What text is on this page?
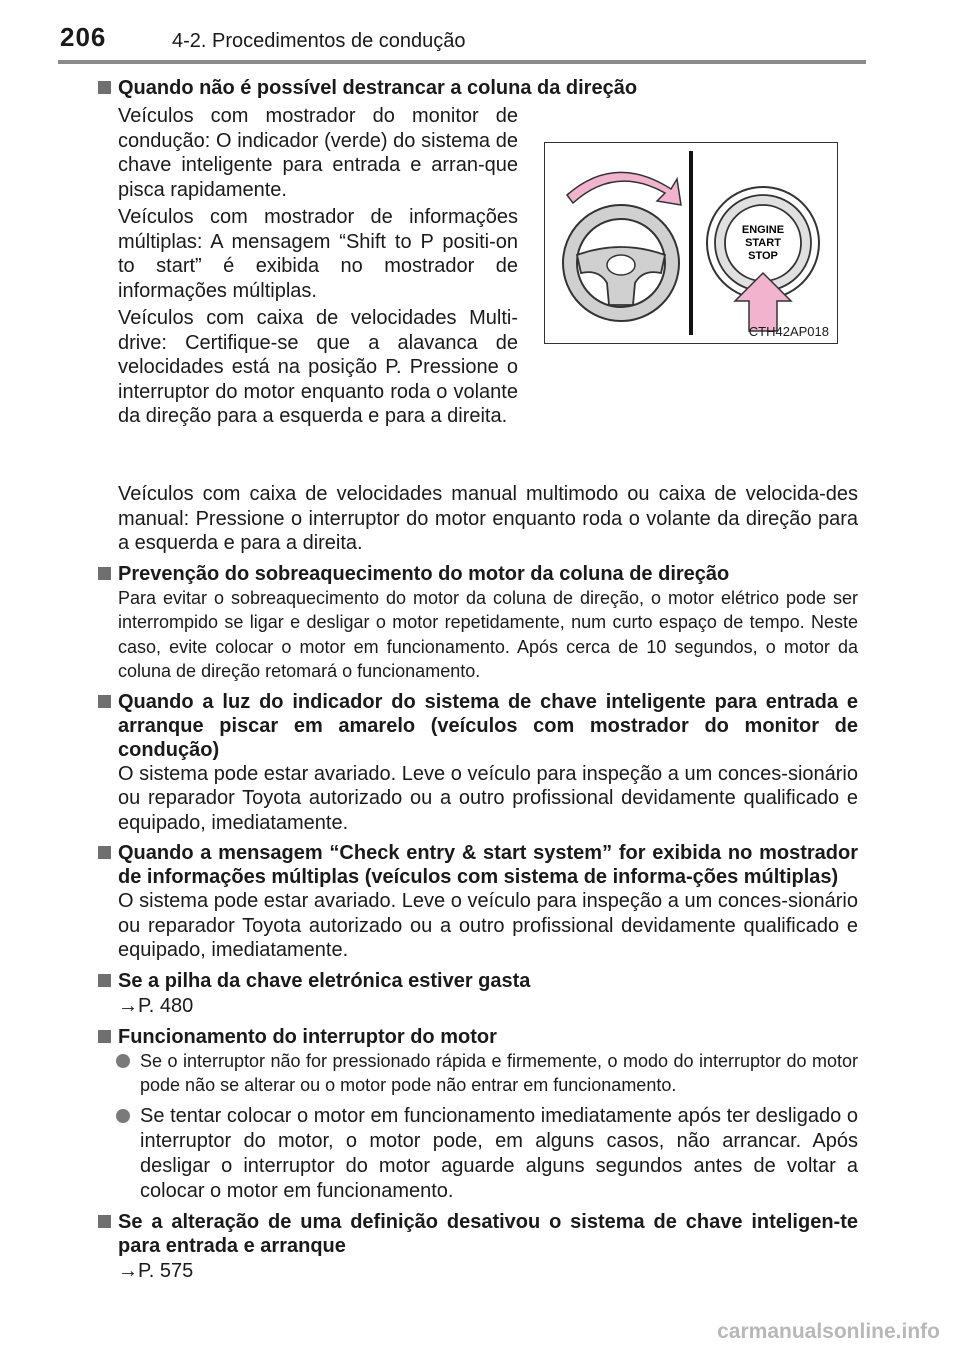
206	4-2. Procedimentos de condução
Quando não é possível destrancar a coluna da direção

Veículos com mostrador do monitor de condução: O indicador (verde) do sistema de chave inteligente para entrada e arran-que pisca rapidamente.

Veículos com mostrador de informações múltiplas: A mensagem “Shift to P positi-on to start” é exibida no mostrador de informações múltiplas.

Veículos com caixa de velocidades Multi-drive: Certifique-se que a alavanca de velocidades está na posição P. Pressione o interruptor do motor enquanto roda o volante da direção para a esquerda e para a direita.

ENGINE
START
STOP
CTH42AP018
Veículos com caixa de velocidades manual multimodo ou caixa de velocida-des manual: Pressione o interruptor do motor enquanto roda o volante da direção para a esquerda e para a direita.
Prevenção do sobreaquecimento do motor da coluna de direção
Para evitar o sobreaquecimento do motor da coluna de direção, o motor elétrico pode ser interrompido se ligar e desligar o motor repetidamente, num curto espaço de tempo. Neste caso, evite colocar o motor em funcionamento. Após cerca de 10 segundos, o motor da coluna de direção retomará o funcionamento.
Quando a luz do indicador do sistema de chave inteligente para entrada e arranque piscar em amarelo (veículos com mostrador do monitor de condução)
O sistema pode estar avariado. Leve o veículo para inspeção a um conces-sionário ou reparador Toyota autorizado ou a outro profissional devidamente qualificado e equipado, imediatamente.
Quando a mensagem “Check entry & start system” for exibida no mostrador de informações múltiplas (veículos com sistema de informa-ções múltiplas)
O sistema pode estar avariado. Leve o veículo para inspeção a um conces-sionário ou reparador Toyota autorizado ou a outro profissional devidamente qualificado e equipado, imediatamente.
Se a pilha da chave eletrónica estiver gasta
→P. 480
Funcionamento do interruptor do motor
Se o interruptor não for pressionado rápida e firmemente, o modo do interruptor do motor pode não se alterar ou o motor pode não entrar em funcionamento.
Se tentar colocar o motor em funcionamento imediatamente após ter desligado o interruptor do motor, o motor pode, em alguns casos, não arrancar. Após desligar o interruptor do motor aguarde alguns segundos antes de voltar a colocar o motor em funcionamento.
Se a alteração de uma definição desativou o sistema de chave inteligen-te para entrada e arranque
→P. 575
carmanualsonline.info
